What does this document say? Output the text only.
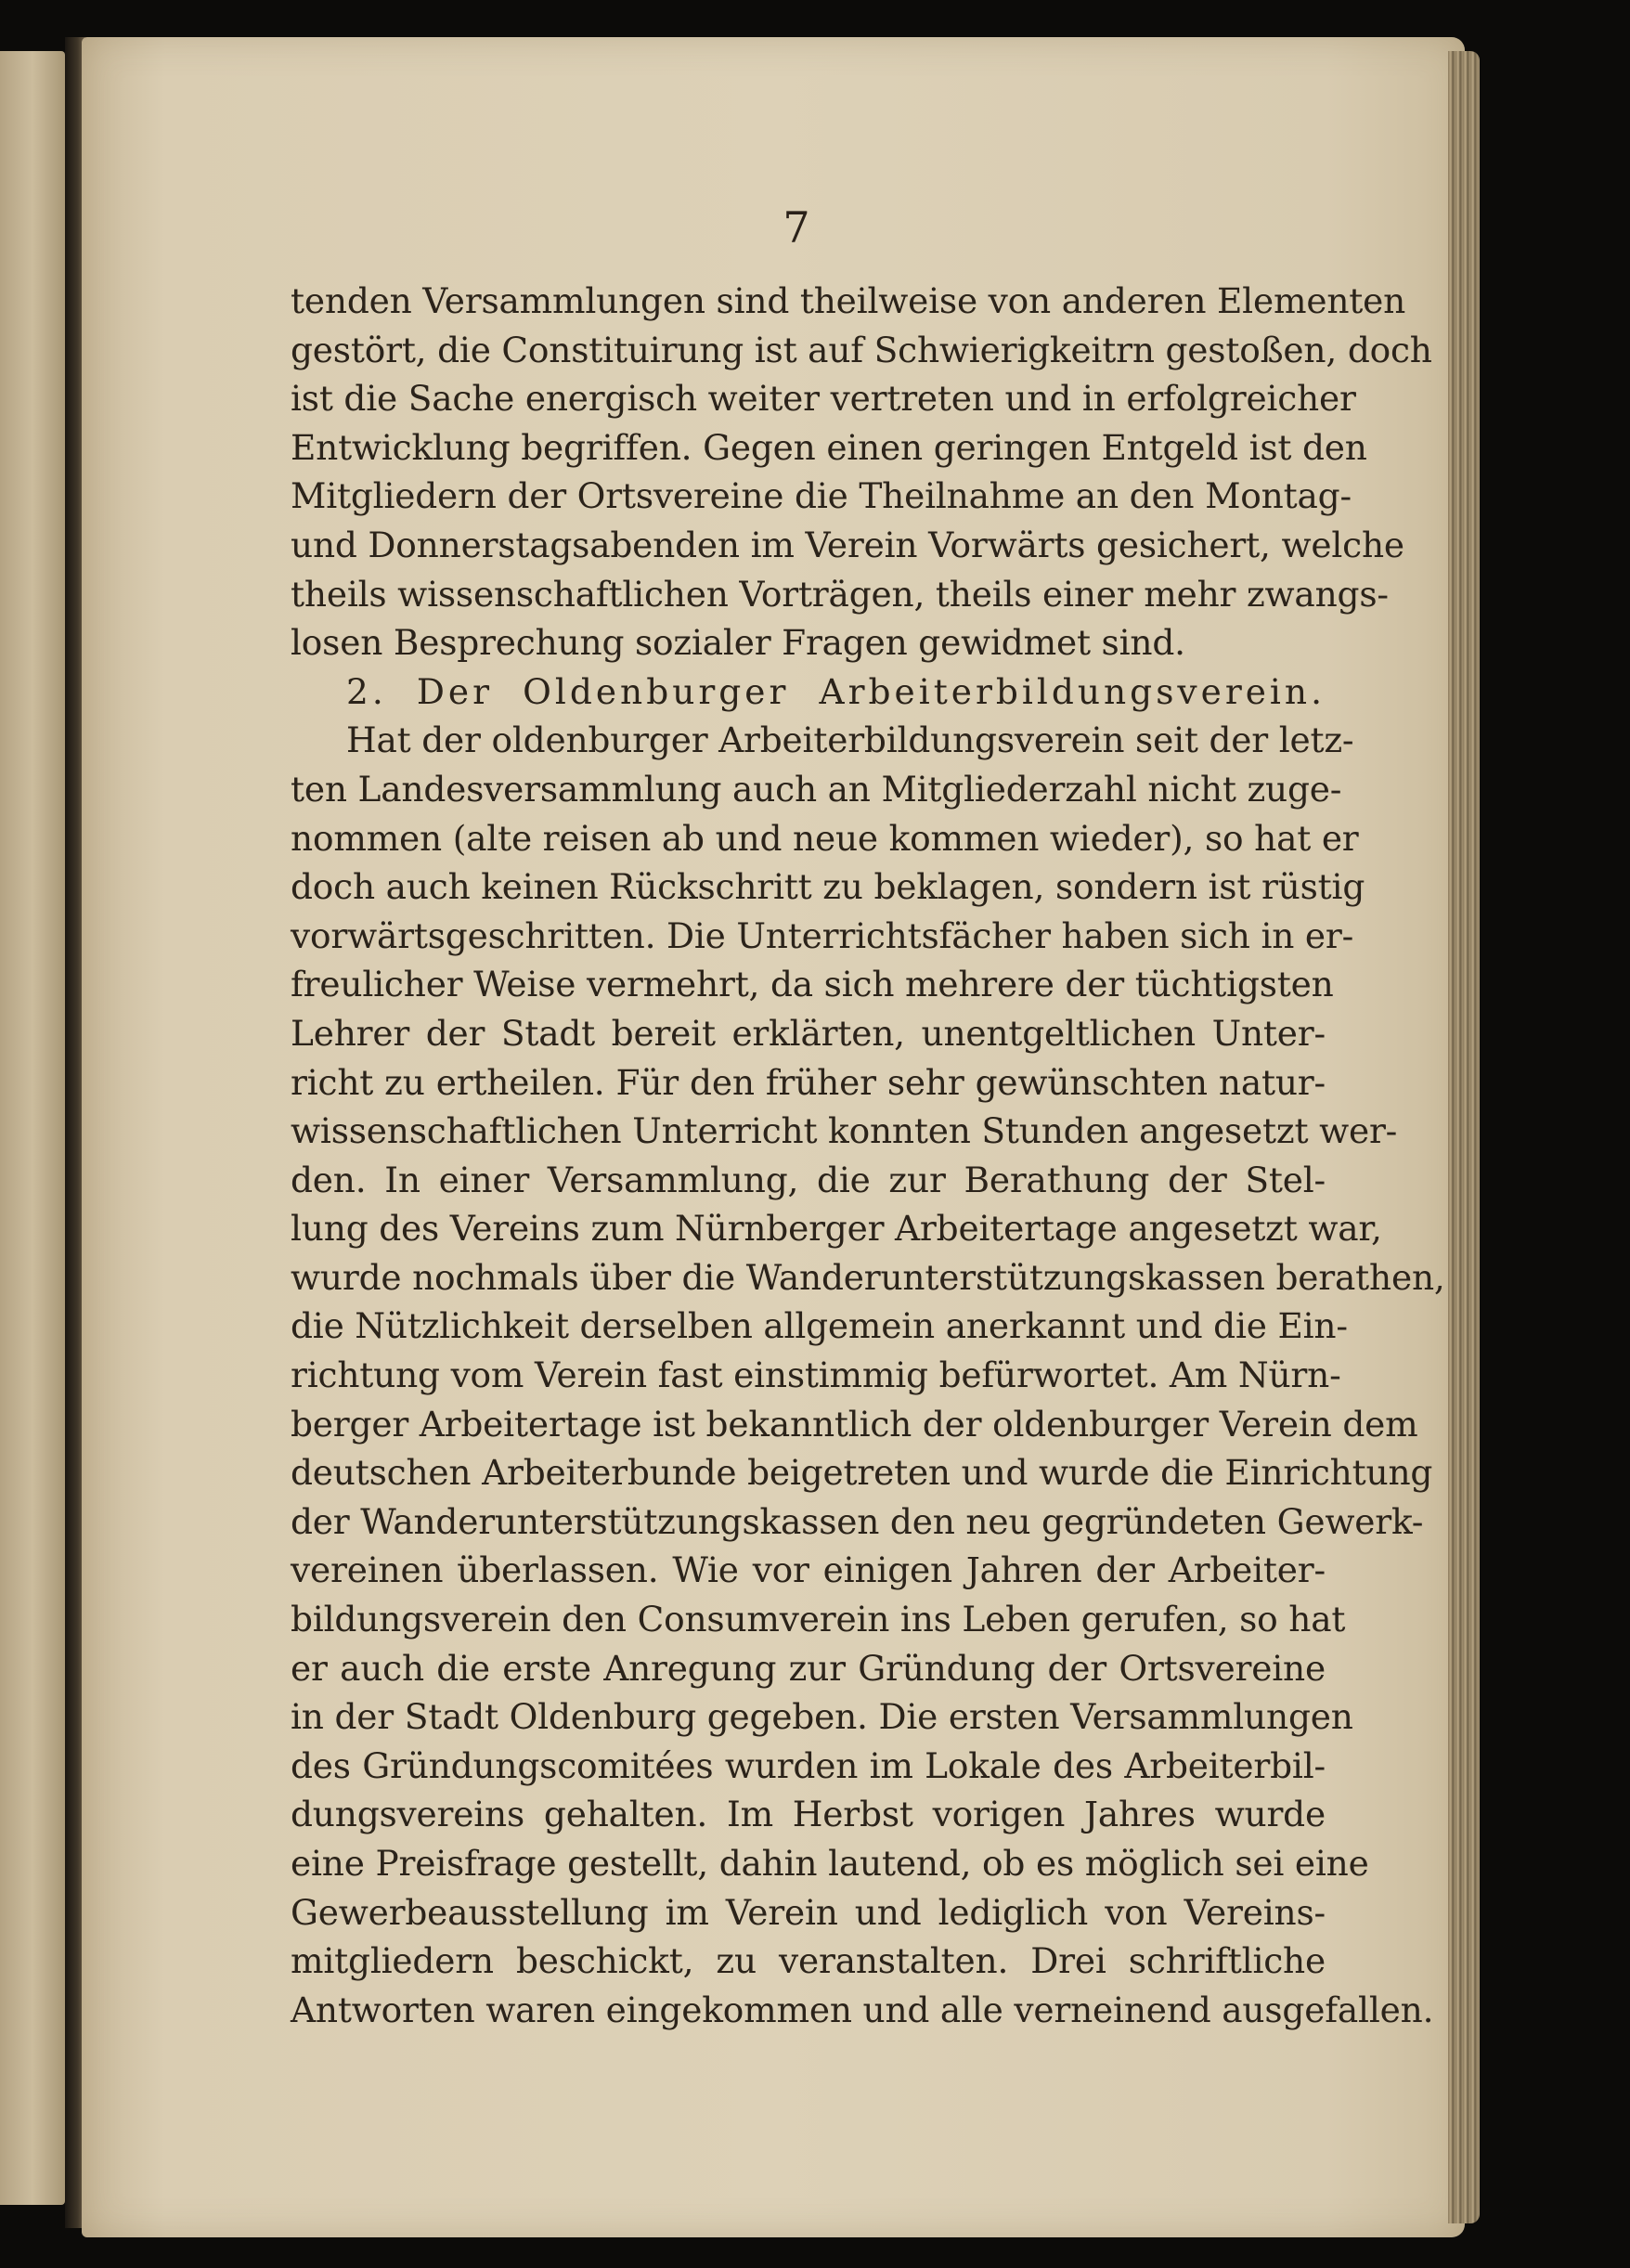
7
tenden Versammlungen sind theilweise von anderen Elementen
gestört, die Constituirung ist auf Schwierigkeitrn gestoßen, doch
ist die Sache energisch weiter vertreten und in erfolgreicher
Entwicklung begriffen. Gegen einen geringen Entgeld ist den
Mitgliedern der Ortsvereine die Theilnahme an den Montag-
und Donnerstagsabenden im Verein Vorwärts gesichert, welche
theils wissenschaftlichen Vorträgen, theils einer mehr zwangs-
losen Besprechung sozialer Fragen gewidmet sind.
2. Der Oldenburger Arbeiterbildungsverein.
Hat der oldenburger Arbeiterbildungsverein seit der letz-
ten Landesversammlung auch an Mitgliederzahl nicht zuge-
nommen (alte reisen ab und neue kommen wieder), so hat er
doch auch keinen Rückschritt zu beklagen, sondern ist rüstig
vorwärtsgeschritten. Die Unterrichtsfächer haben sich in er-
freulicher Weise vermehrt, da sich mehrere der tüchtigsten
Lehrer der Stadt bereit erklärten, unentgeltlichen Unter-
richt zu ertheilen. Für den früher sehr gewünschten natur-
wissenschaftlichen Unterricht konnten Stunden angesetzt wer-
den. In einer Versammlung, die zur Berathung der Stel-
lung des Vereins zum Nürnberger Arbeitertage angesetzt war,
wurde nochmals über die Wanderunterstützungskassen berathen,
die Nützlichkeit derselben allgemein anerkannt und die Ein-
richtung vom Verein fast einstimmig befürwortet. Am Nürn-
berger Arbeitertage ist bekanntlich der oldenburger Verein dem
deutschen Arbeiterbunde beigetreten und wurde die Einrichtung
der Wanderunterstützungskassen den neu gegründeten Gewerk-
vereinen überlassen. Wie vor einigen Jahren der Arbeiter-
bildungsverein den Consumverein ins Leben gerufen, so hat
er auch die erste Anregung zur Gründung der Ortsvereine
in der Stadt Oldenburg gegeben. Die ersten Versammlungen
des Gründungscomitées wurden im Lokale des Arbeiterbil-
dungsvereins gehalten. Im Herbst vorigen Jahres wurde
eine Preisfrage gestellt, dahin lautend, ob es möglich sei eine
Gewerbeausstellung im Verein und lediglich von Vereins-
mitgliedern beschickt, zu veranstalten. Drei schriftliche
Antworten waren eingekommen und alle verneinend ausgefallen.
